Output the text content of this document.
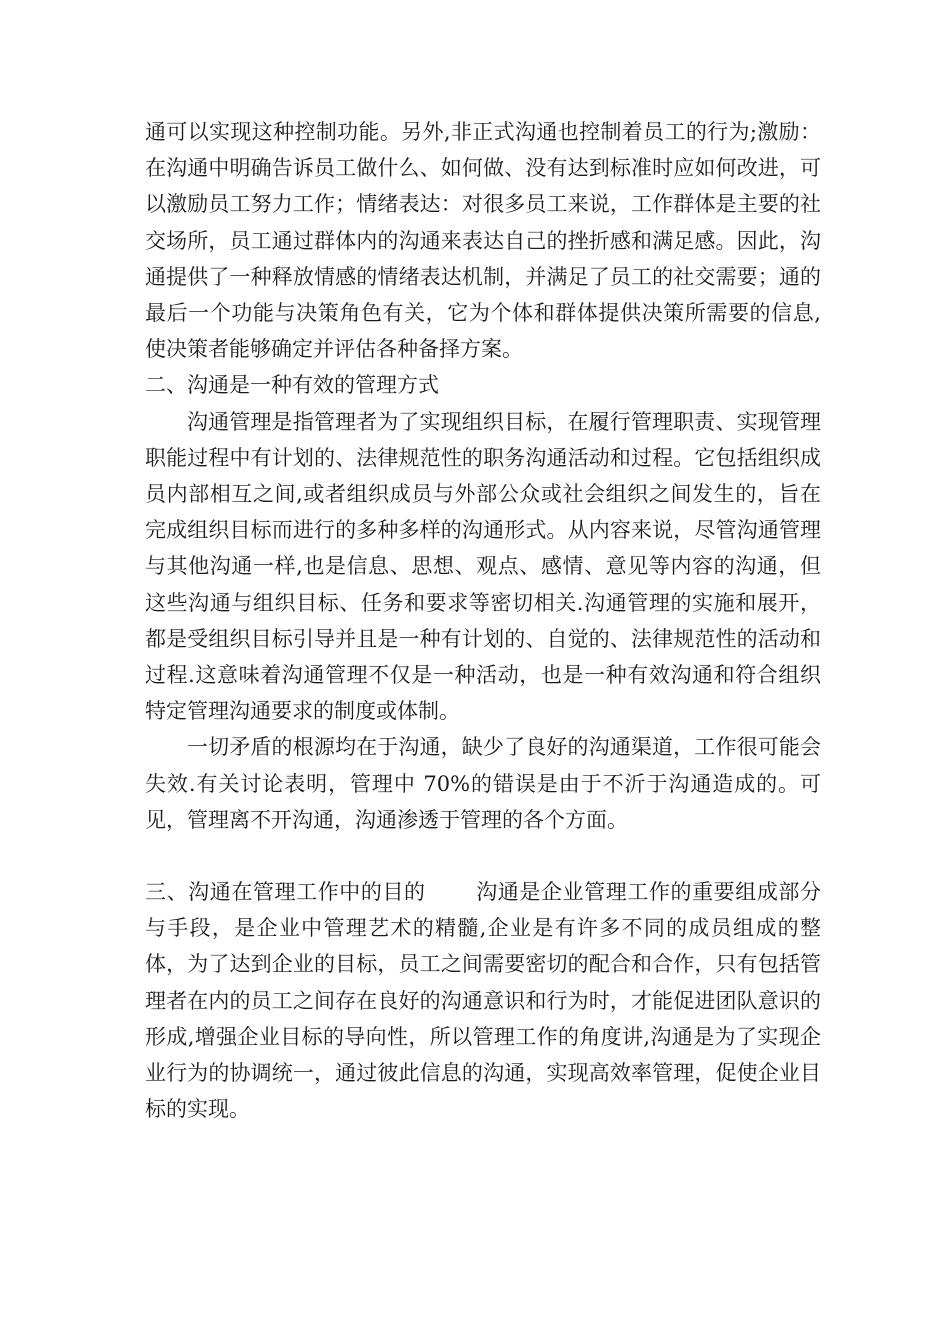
通可以实现这种控制功能。另外,非正式沟通也控制着员工的行为;激励：在沟通中明确告诉员工做什么、如何做、没有达到标准时应如何改进，可以激励员工努力工作；情绪表达：对很多员工来说，工作群体是主要的社交场所，员工通过群体内的沟通来表达自己的挫折感和满足感。因此，沟通提供了一种释放情感的情绪表达机制，并满足了员工的社交需要；通的最后一个功能与决策角色有关，它为个体和群体提供决策所需要的信息,使决策者能够确定并评估各种备择方案。

二、沟通是一种有效的管理方式

沟通管理是指管理者为了实现组织目标，在履行管理职责、实现管理职能过程中有计划的、法律规范性的职务沟通活动和过程。它包括组织成员内部相互之间,或者组织成员与外部公众或社会组织之间发生的，旨在完成组织目标而进行的多种多样的沟通形式。从内容来说，尽管沟通管理与其他沟通一样,也是信息、思想、观点、感情、意见等内容的沟通，但这些沟通与组织目标、任务和要求等密切相关.沟通管理的实施和展开，都是受组织目标引导并且是一种有计划的、自觉的、法律规范性的活动和过程.这意味着沟通管理不仅是一种活动，也是一种有效沟通和符合组织特定管理沟通要求的制度或体制。

一切矛盾的根源均在于沟通，缺少了良好的沟通渠道，工作很可能会失效.有关讨论表明，管理中 70%的错误是由于不沂于沟通造成的。可见，管理离不开沟通，沟通渗透于管理的各个方面。

三、沟通在管理工作中的目的 沟通是企业管理工作的重要组成部分与手段，是企业中管理艺术的精髓,企业是有许多不同的成员组成的整体，为了达到企业的目标，员工之间需要密切的配合和合作，只有包括管理者在内的员工之间存在良好的沟通意识和行为时，才能促进团队意识的形成,增强企业目标的导向性，所以管理工作的角度讲,沟通是为了实现企业行为的协调统一，通过彼此信息的沟通，实现高效率管理，促使企业目标的实现。
